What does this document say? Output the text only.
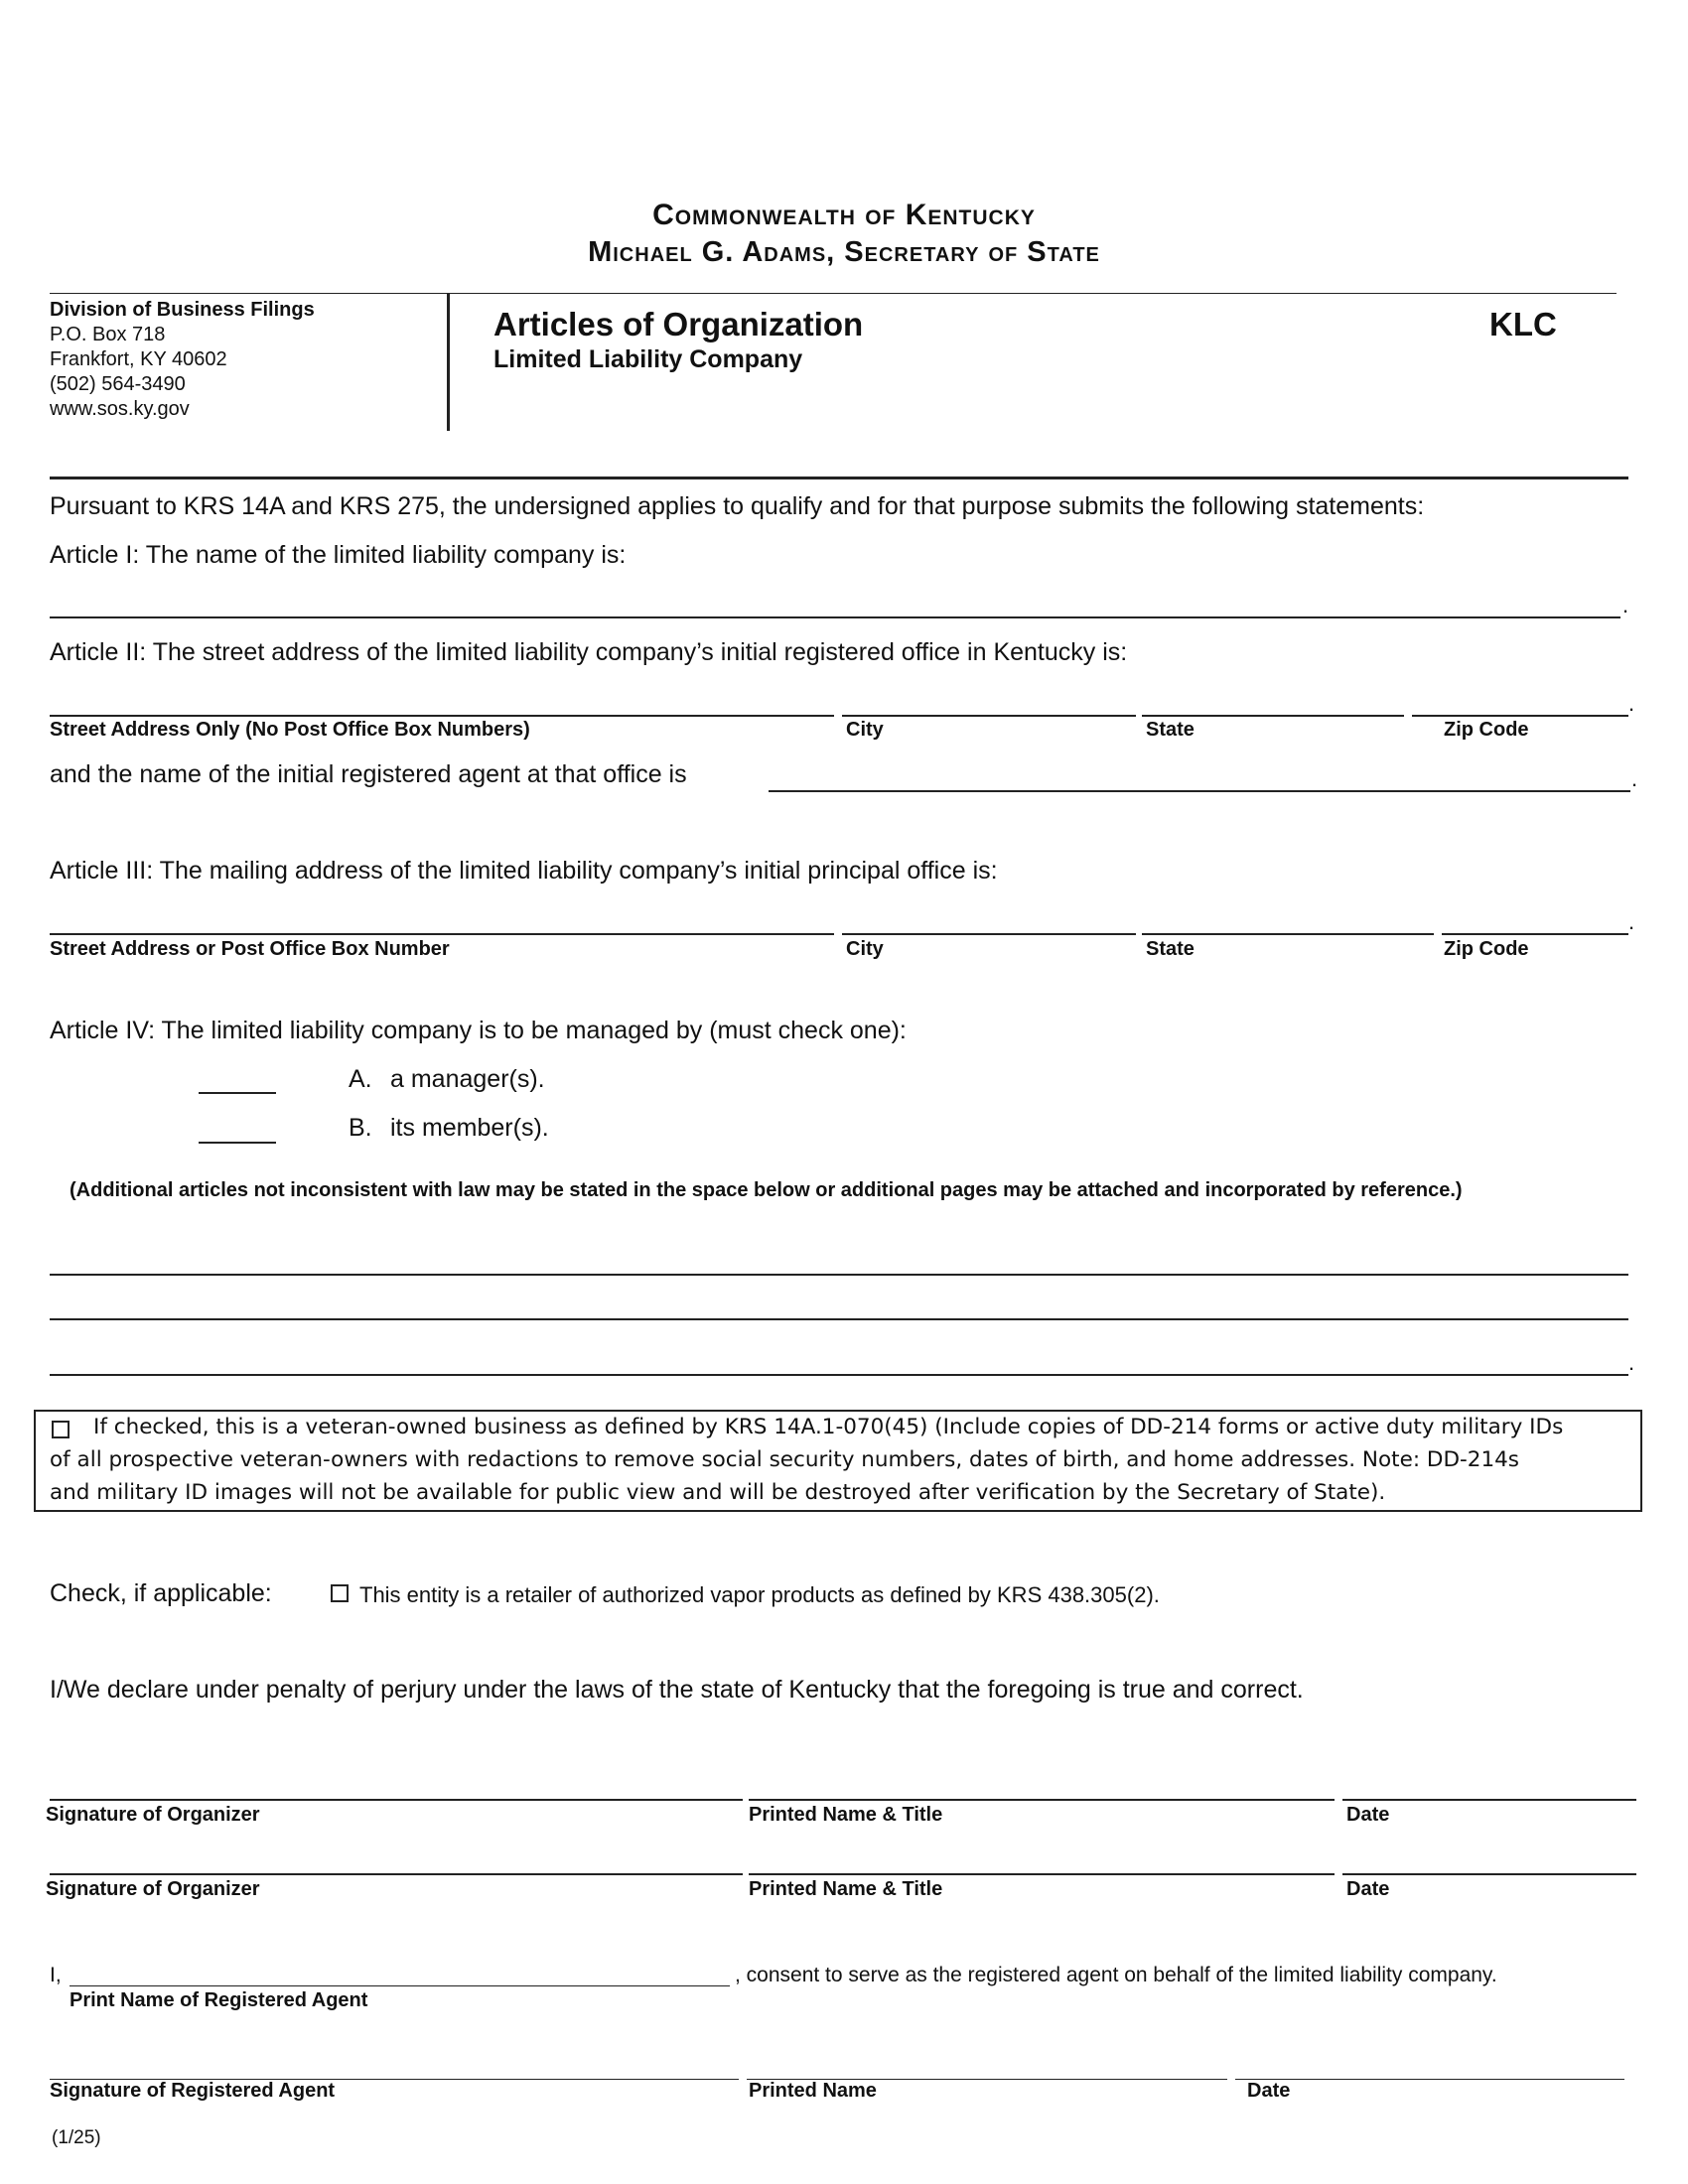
Commonwealth of Kentucky
Michael G. Adams, Secretary of State
Division of Business Filings
P.O. Box 718
Frankfort, KY 40602
(502) 564-3490
www.sos.ky.gov
Articles of Organization
Limited Liability Company
KLC
Pursuant to KRS 14A and KRS 275, the undersigned applies to qualify and for that purpose submits the following statements:
Article I: The name of the limited liability company is:
.
Article II: The street address of the limited liability company’s initial registered office in Kentucky is:
.
Street Address Only (No Post Office Box Numbers)	City	State	Zip Code
and the name of the initial registered agent at that office is	.
Article III: The mailing address of the limited liability company’s initial principal office is:
.
Street Address or Post Office Box Number	City	State	Zip Code
Article IV: The limited liability company is to be managed by (must check one):
A. a manager(s).
B. its member(s).
(Additional articles not inconsistent with law may be stated in the space below or additional pages may be attached and incorporated by reference.)
.
If checked, this is a veteran-owned business as defined by KRS 14A.1-070(45) (Include copies of DD-214 forms or active duty military IDs
of all prospective veteran-owners with redactions to remove social security numbers, dates of birth, and home addresses. Note: DD-214s
and military ID images will not be available for public view and will be destroyed after verification by the Secretary of State).
Check, if applicable:	This entity is a retailer of authorized vapor products as defined by KRS 438.305(2).
I/We declare under penalty of perjury under the laws of the state of Kentucky that the foregoing is true and correct.
Signature of Organizer	Printed Name & Title	Date
Signature of Organizer	Printed Name & Title	Date
I,	, consent to serve as the registered agent on behalf of the limited liability company.
Print Name of Registered Agent
Signature of Registered Agent	Printed Name	Date
(1/25)
